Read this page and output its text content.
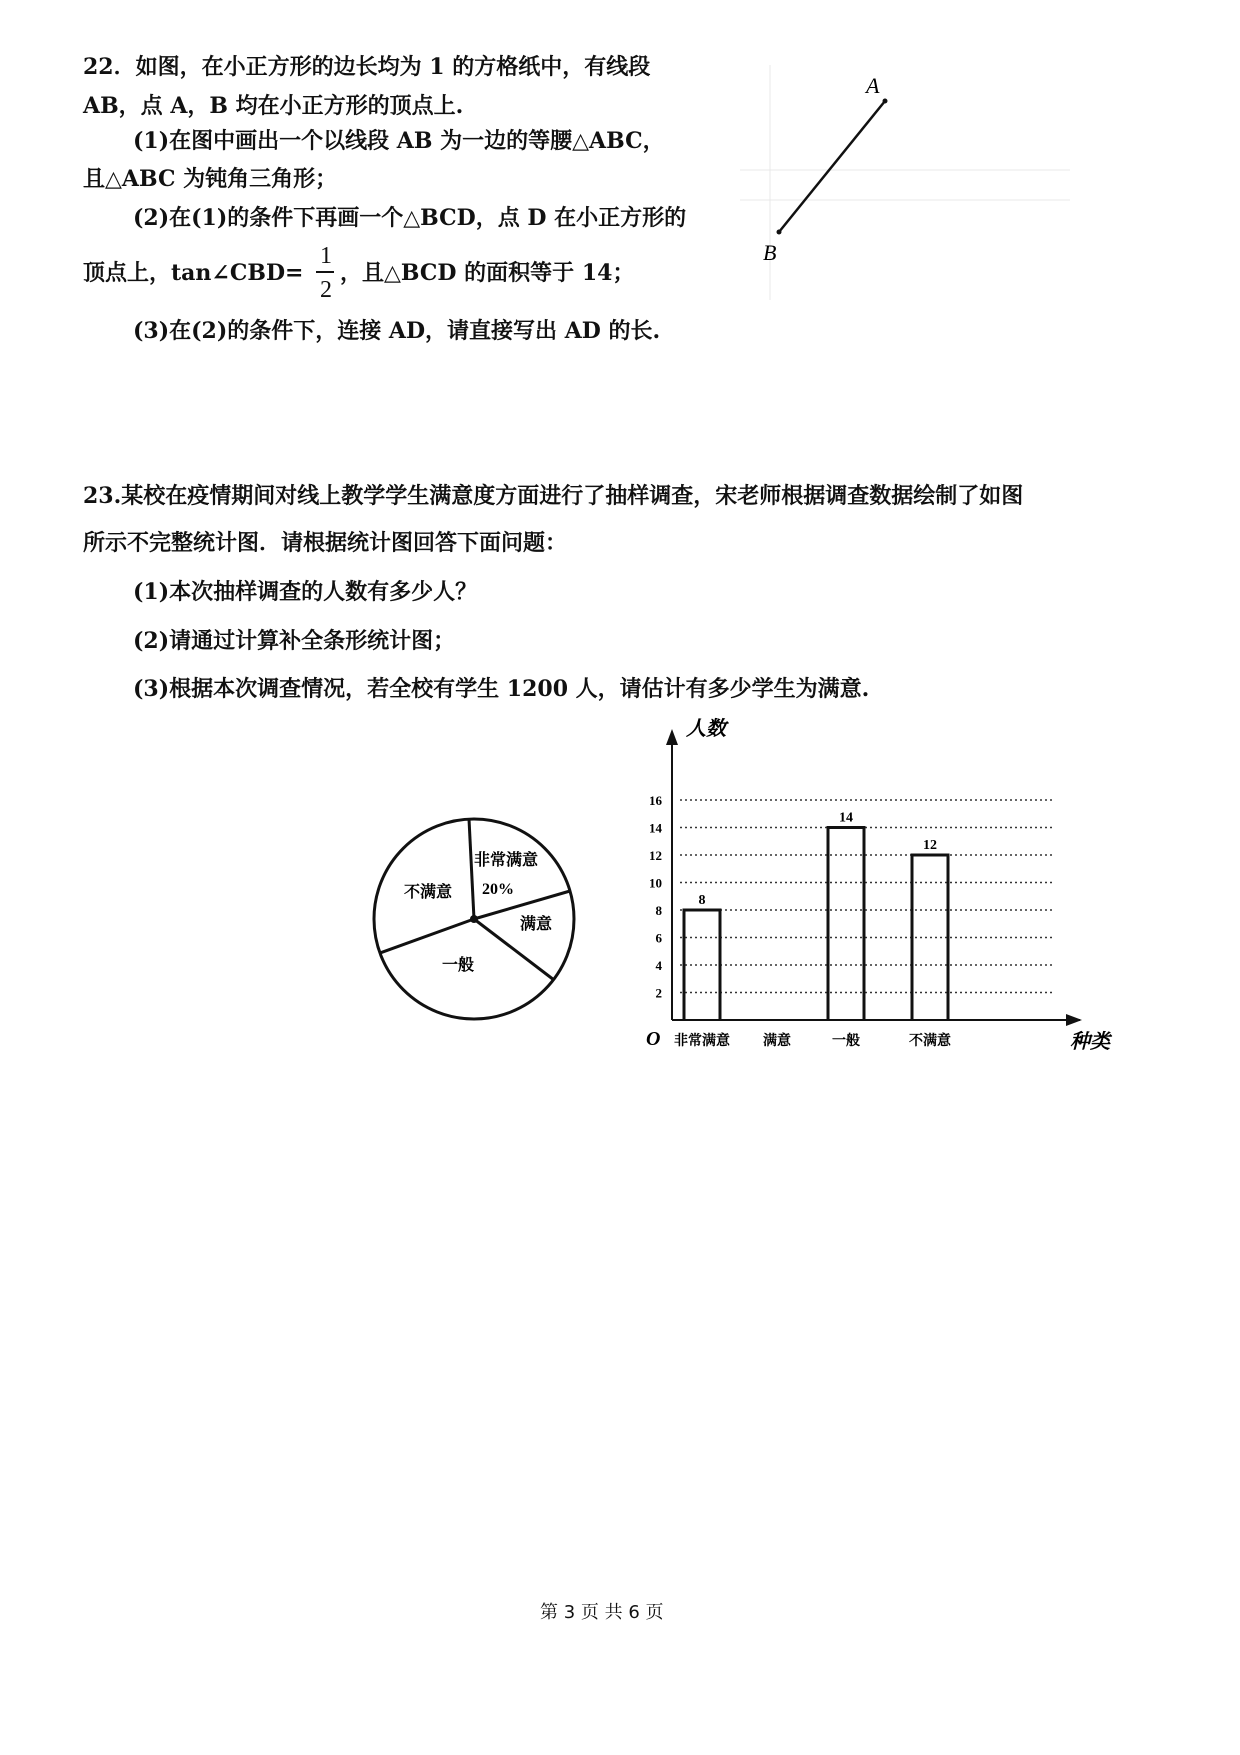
22．如图，在小正方形的边长均为 1 的方格纸中，有线段
AB，点 A，B 均在小正方形的顶点上.
(1)在图中画出一个以线段 AB 为一边的等腰△ABC，
且△ABC 为钝角三角形；
(2)在(1)的条件下再画一个△BCD，点 D 在小正方形的
顶点上，tan∠CBD=
1
2
，且△BCD 的面积等于 14；
(3)在(2)的条件下，连接 AD，请直接写出 AD 的长.
A
B
23.某校在疫情期间对线上教学学生满意度方面进行了抽样调查，宋老师根据调查数据绘制了如图
所示不完整统计图．请根据统计图回答下面问题：
(1)本次抽样调查的人数有多少人？
(2)请通过计算补全条形统计图；
(3)根据本次调查情况，若全校有学生 1200 人，请估计有多少学生为满意.
非常满意
20%
满意
一般
不满意
2
4
6
8
10
12
14
16
人数
种类
O 非常满意
8
满意	一般
14
不满意
12
第 3 页 共 6 页
